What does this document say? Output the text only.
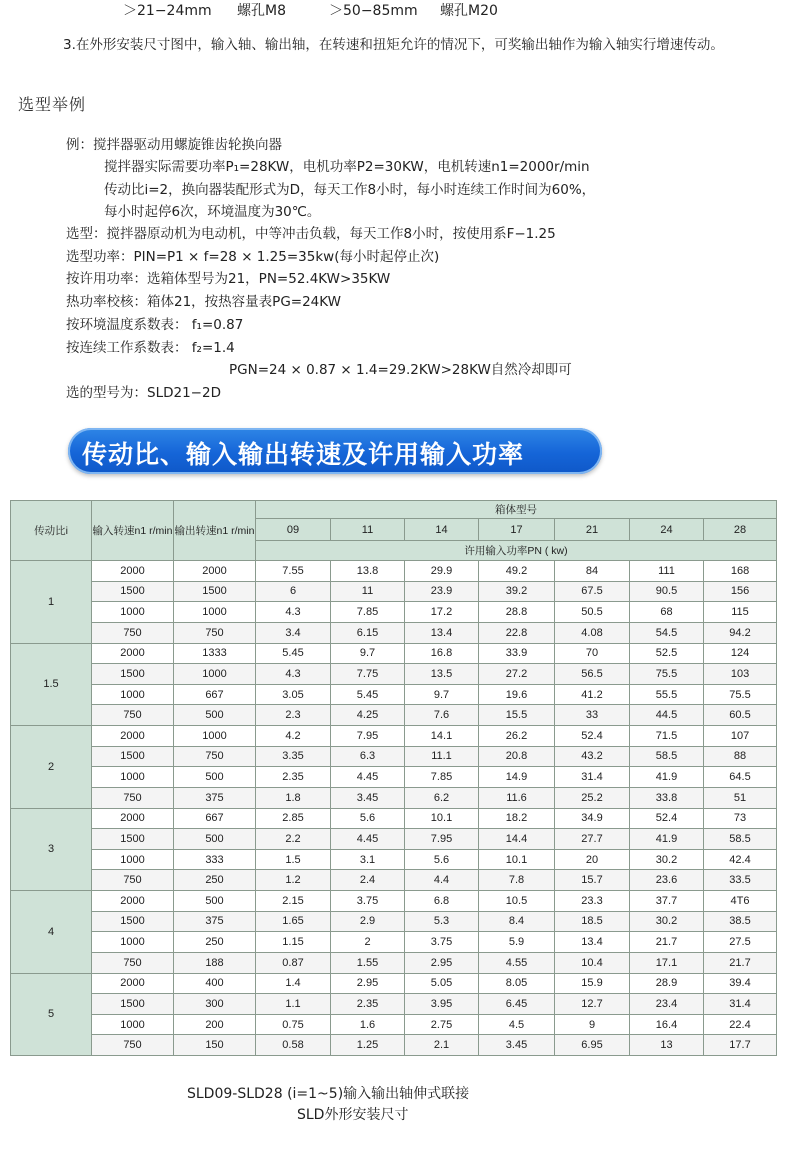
＞21−24mm 螺孔M8	＞50−85mm 螺孔M20
3.在外形安装尺寸图中，输入轴、输出轴，在转速和扭矩允许的情况下，可奖输出轴作为输入轴实行增速传动。
选型举例
例：搅拌器驱动用螺旋锥齿轮换向器
搅拌器实际需要功率P₁=28KW，电机功率P2=30KW，电机转速n1=2000r/min
传动比i=2，换向器装配形式为D，每天工作8小时，每小时连续工作时间为60%，
每小时起停6次，环境温度为30℃。
选型：搅拌器原动机为电动机，中等冲击负载，每天工作8小时，按使用系F−1.25
选型功率：PIN=P1 × f=28 × 1.25=35kw(每小时起停止次)
按许用功率：选箱体型号为21，PN=52.4KW>35KW
热功率校核：箱体21，按热容量表PG=24KW
按环境温度系数表： f₁=0.87
按连续工作系数表： f₂=1.4
PGN=24 × 0.87 × 1.4=29.2KW>28KW自然冷却即可
选的型号为：SLD21−2D
传动比、输入输出转速及许用输入功率
传动比i	输入转速n1 r/min	输出转速n1 r/min	箱体型号						
			09	11	14	17	21	24	28
			许用输入功率PN ( kw)						
1	2000	2000	7.55	13.8	29.9	49.2	84	111	168
	1500	1500	6	11	23.9	39.2	67.5	90.5	156
	1000	1000	4.3	7.85	17.2	28.8	50.5	68	115
	750	750	3.4	6.15	13.4	22.8	4.08	54.5	94.2
1.5	2000	1333	5.45	9.7	16.8	33.9	70	52.5	124
	1500	1000	4.3	7.75	13.5	27.2	56.5	75.5	103
	1000	667	3.05	5.45	9.7	19.6	41.2	55.5	75.5
	750	500	2.3	4.25	7.6	15.5	33	44.5	60.5
2	2000	1000	4.2	7.95	14.1	26.2	52.4	71.5	107
	1500	750	3.35	6.3	11.1	20.8	43.2	58.5	88
	1000	500	2.35	4.45	7.85	14.9	31.4	41.9	64.5
	750	375	1.8	3.45	6.2	11.6	25.2	33.8	51
3	2000	667	2.85	5.6	10.1	18.2	34.9	52.4	73
	1500	500	2.2	4.45	7.95	14.4	27.7	41.9	58.5
	1000	333	1.5	3.1	5.6	10.1	20	30.2	42.4
	750	250	1.2	2.4	4.4	7.8	15.7	23.6	33.5
4	2000	500	2.15	3.75	6.8	10.5	23.3	37.7	4T6
	1500	375	1.65	2.9	5.3	8.4	18.5	30.2	38.5
	1000	250	1.15	2	3.75	5.9	13.4	21.7	27.5
	750	188	0.87	1.55	2.95	4.55	10.4	17.1	21.7
5	2000	400	1.4	2.95	5.05	8.05	15.9	28.9	39.4
	1500	300	1.1	2.35	3.95	6.45	12.7	23.4	31.4
	1000	200	0.75	1.6	2.75	4.5	9	16.4	22.4
	750	150	0.58	1.25	2.1	3.45	6.95	13	17.7
SLD09-SLD28 (i=1~5)输入输出轴伸式联接
SLD外形安装尺寸
